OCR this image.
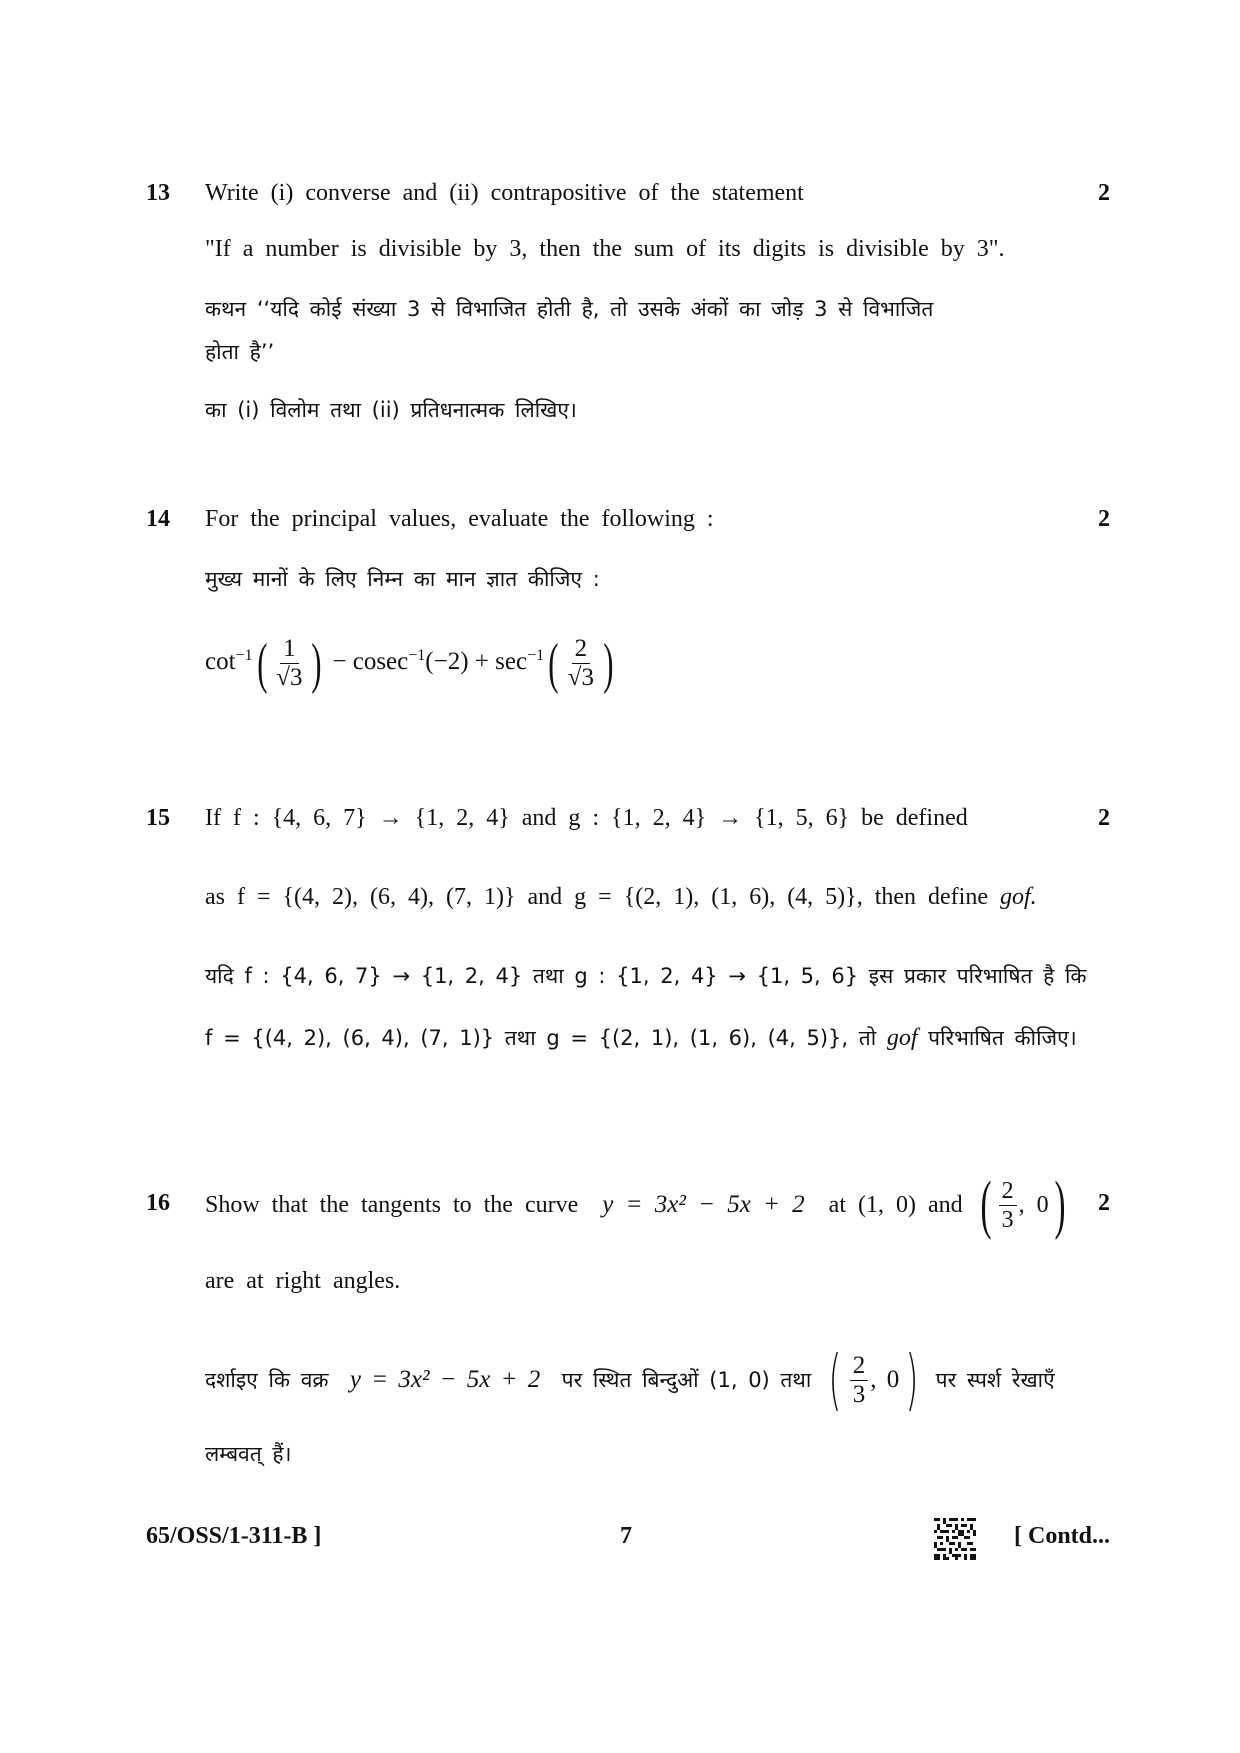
13	2
Write (i) converse and (ii) contrapositive of the statement
"If a number is divisible by 3, then the sum of its digits is divisible by 3".
कथन ‘‘यदि कोई संख्या 3 से विभाजित होती है, तो उसके अंकों का जोड़ 3 से विभाजित
होता है’’
का (i) विलोम तथा (ii) प्रतिधनात्मक लिखिए।
14	2
For the principal values, evaluate the following :
मुख्य मानों के लिए निम्न का मान ज्ञात कीजिए :
$\cot^{-1}( \frac{1}{√3}$ ) − $cosec^{-1}(-2) + \sec^{-1}( \frac{2}{√3}$ )
15	2
If f : {4, 6, 7} → {1, 2, 4} and g : {1, 2, 4} → {1, 5, 6} be defined
as f = {(4, 2), (6, 4), (7, 1)} and g = {(2, 1), (1, 6), (4, 5)}, then define gof.
यदि f : {4, 6, 7} → {1, 2, 4} तथा g : {1, 2, 4} → {1, 5, 6} इस प्रकार परिभाषित है कि
f = {(4, 2), (6, 4), (7, 1)} तथा g = {(2, 1), (1, 6), (4, 5)}, तो gof परिभाषित कीजिए।
16	2
Show that the tangents to the curve
y = 3x² − 5x + 2
at (1, 0) and
( $\frac{2}{3}$ , 0 )
are at right angles.
दर्शाइए कि वक्र
y = 3x² − 5x + 2
पर स्थित बिन्दुओं (1, 0) तथा
( $\frac{2}{3}$ , 0 )
पर स्पर्श रेखाएँ
लम्बवत् हैं।
65/OSS/1-311-B ]	7	[ Contd...
